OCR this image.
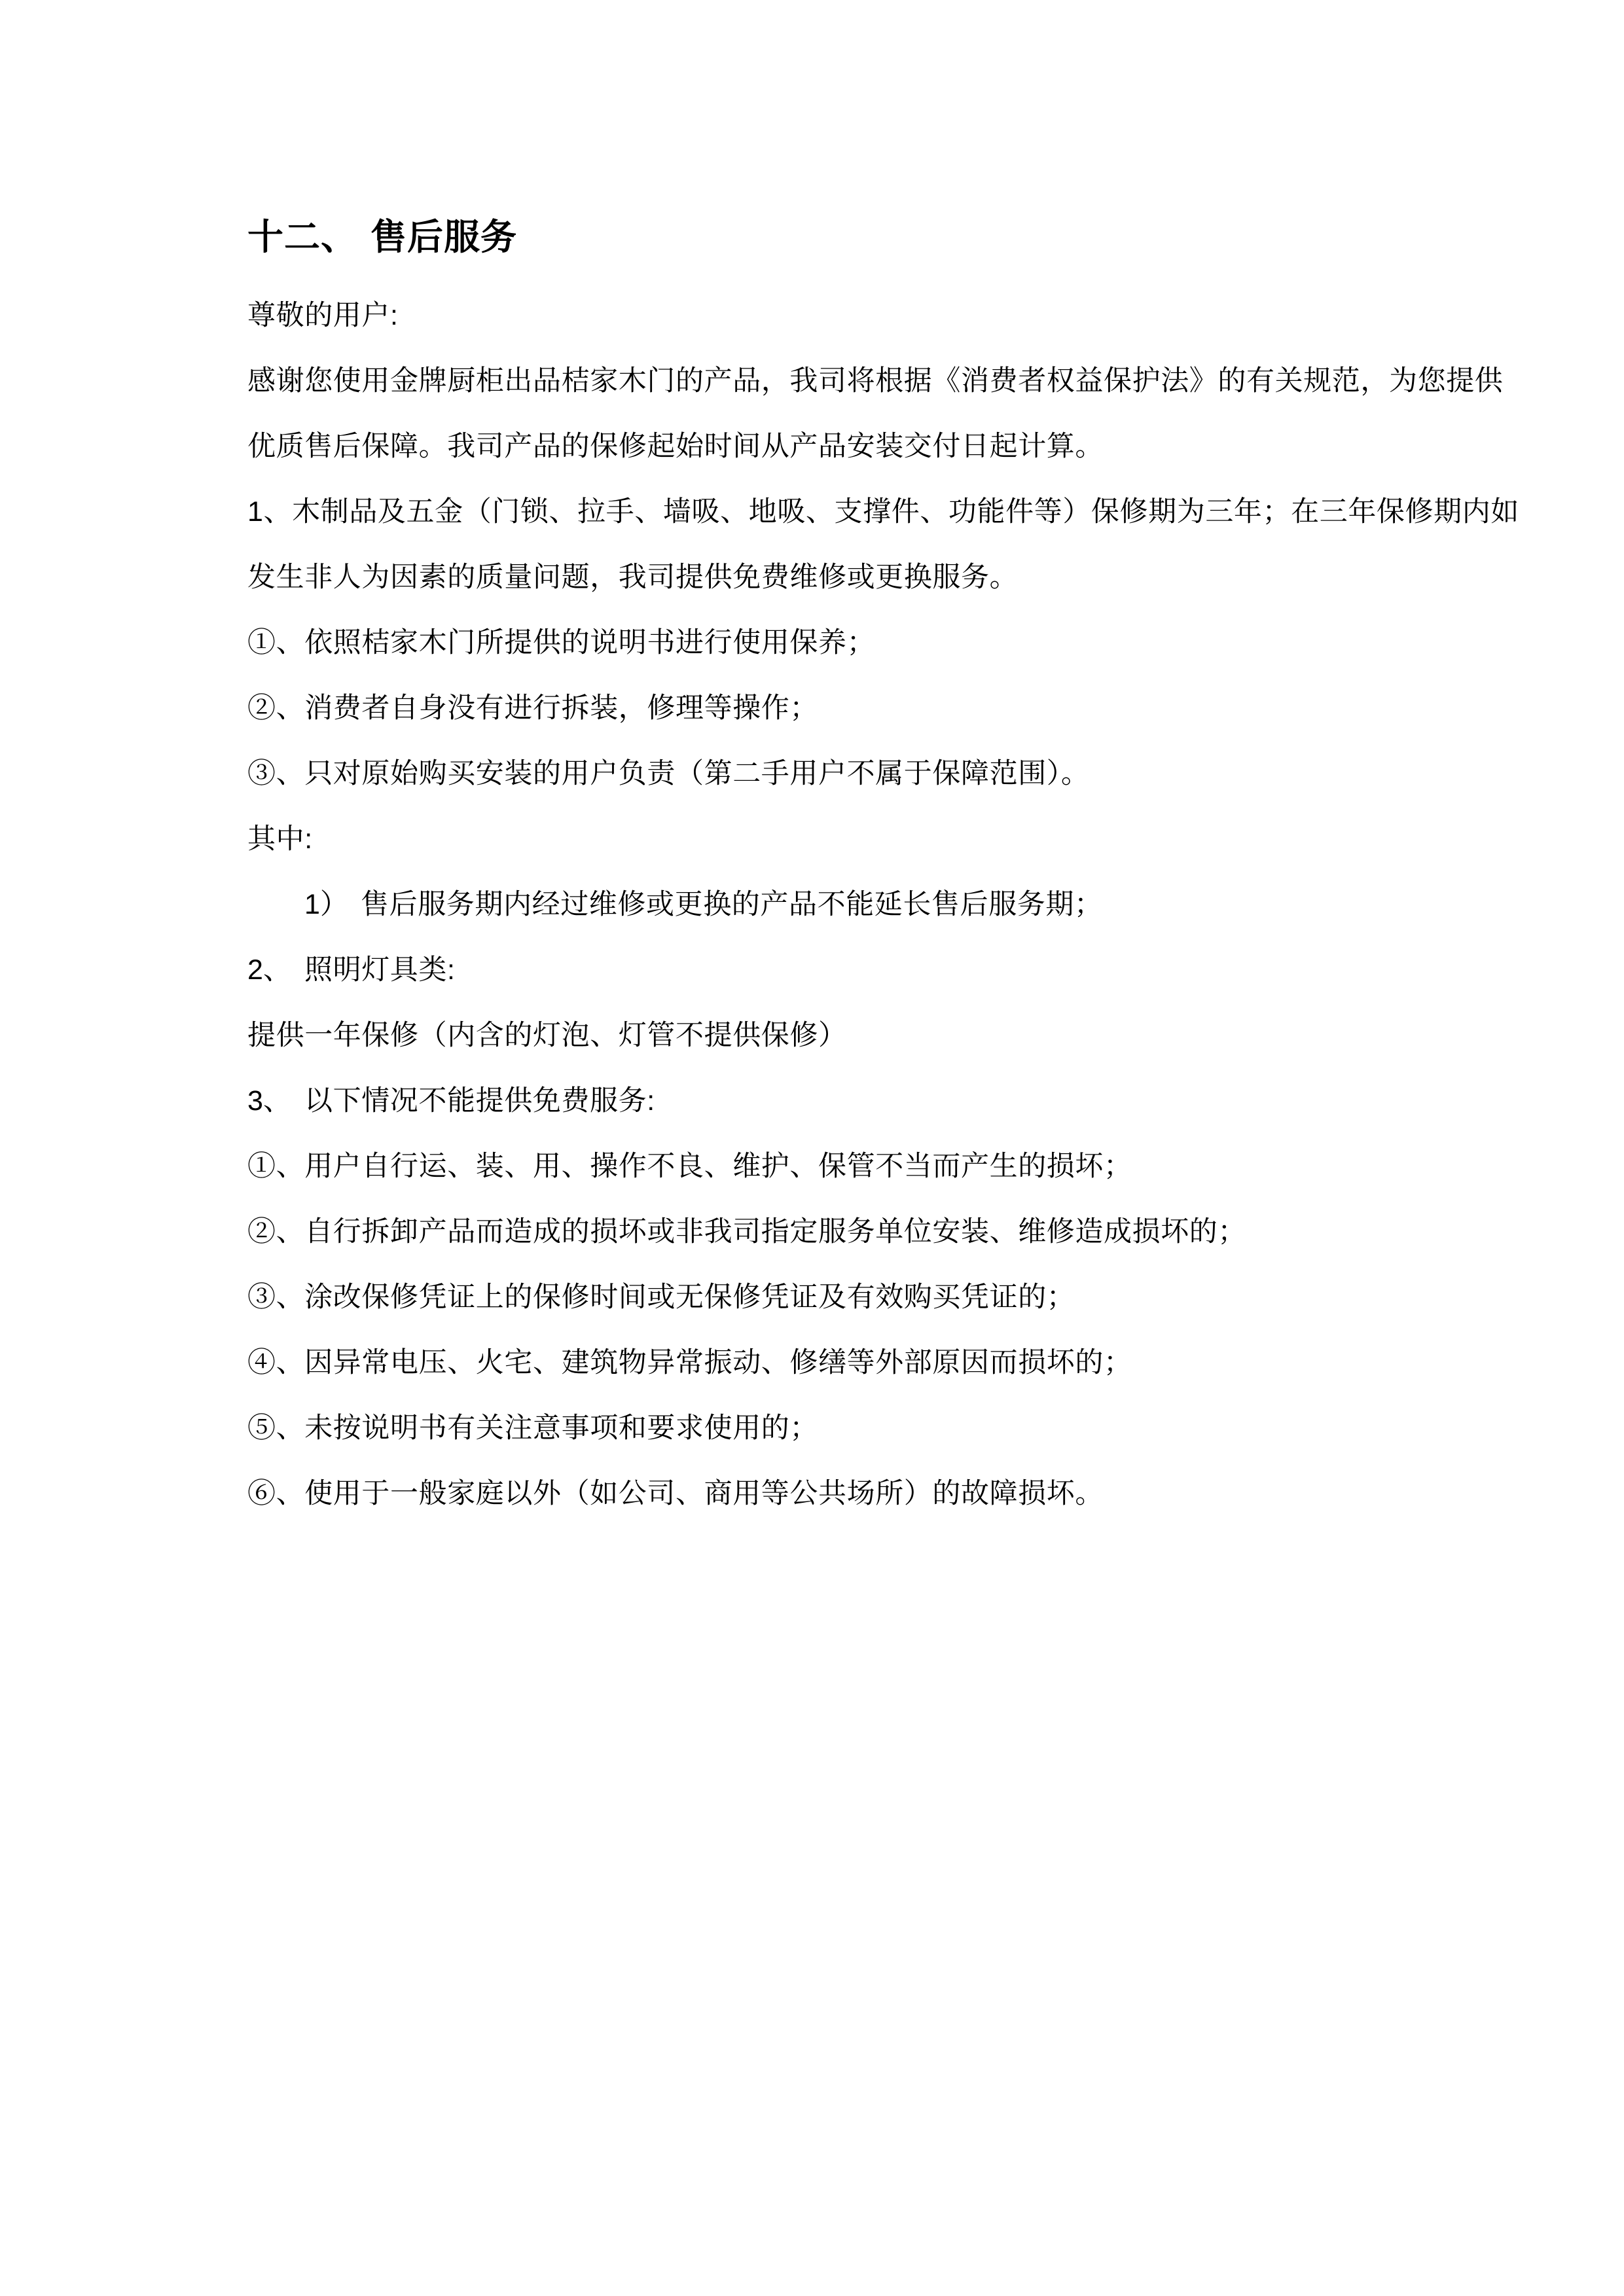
十二、 售后服务
尊敬的用户:
感谢您使用金牌厨柜出品桔家木门的产品，我司将根据《消费者权益保护法》的有关规范，为您提供
优质售后保障。我司产品的保修起始时间从产品安装交付日起计算。
1、木制品及五金（门锁、拉手、墙吸、地吸、支撑件、功能件等）保修期为三年；在三年保修期内如
发生非人为因素的质量问题，我司提供免费维修或更换服务。
①、依照桔家木门所提供的说明书进行使用保养；
②、消费者自身没有进行拆装，修理等操作；
③、只对原始购买安装的用户负责（第二手用户不属于保障范围）。
其中:
1） 售后服务期内经过维修或更换的产品不能延长售后服务期；
2、 照明灯具类:
提供一年保修（内含的灯泡、灯管不提供保修）
3、 以下情况不能提供免费服务:
①、用户自行运、装、用、操作不良、维护、保管不当而产生的损坏；
②、自行拆卸产品而造成的损坏或非我司指定服务单位安装、维修造成损坏的；
③、涂改保修凭证上的保修时间或无保修凭证及有效购买凭证的；
④、因异常电压、火宅、建筑物异常振动、修缮等外部原因而损坏的；
⑤、未按说明书有关注意事项和要求使用的；
⑥、使用于一般家庭以外（如公司、商用等公共场所）的故障损坏。
